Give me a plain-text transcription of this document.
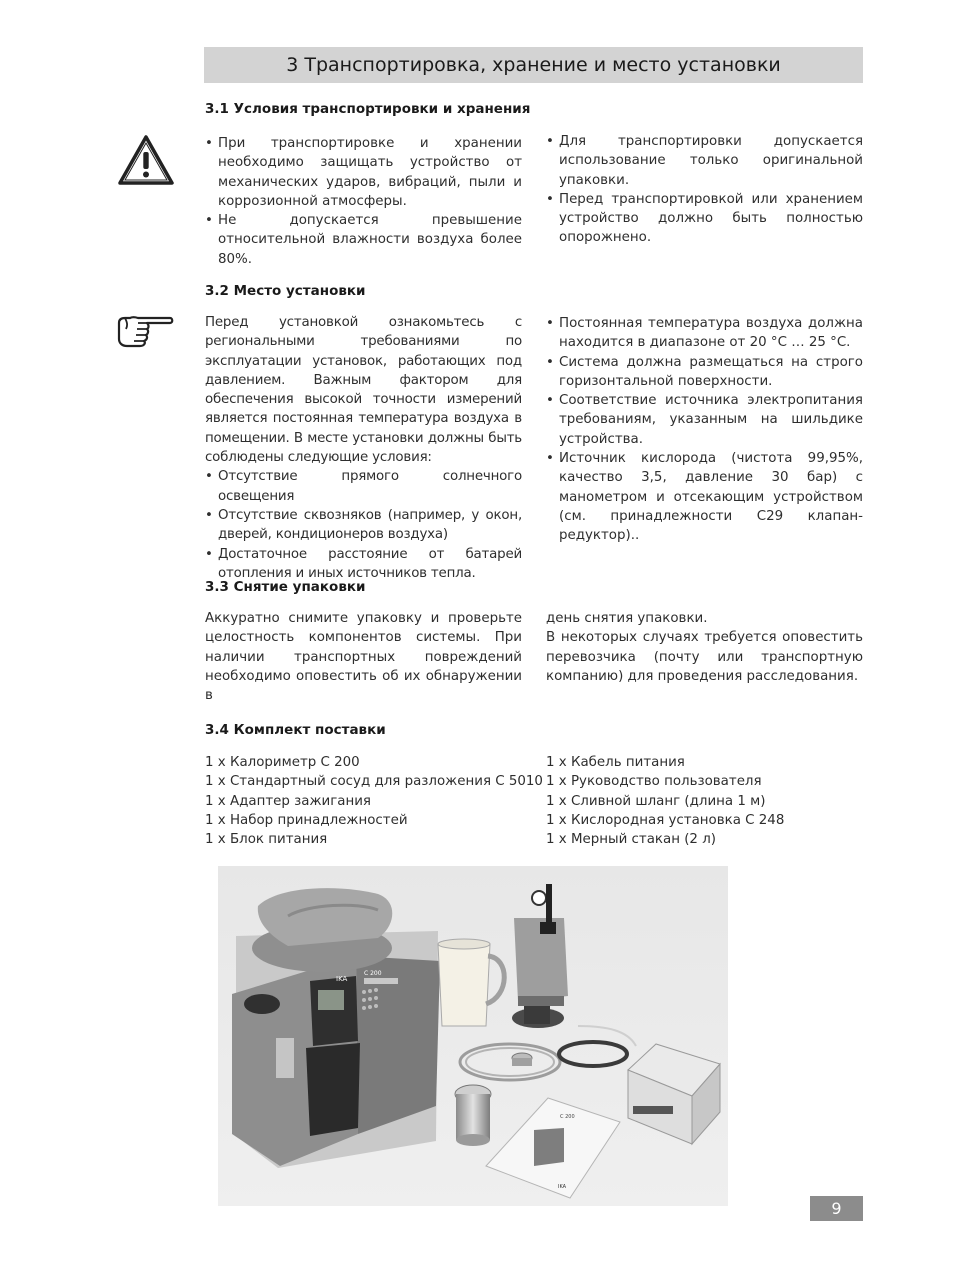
3 Транспортировка, хранение и место установки
3.1 Условия транспортировки и хранения
• При транспортировке и хранении необходимо защищать устройство от механических ударов, вибраций, пыли и коррозионной атмосферы.
• Не допускается превышение относительной влажности воздуха более 80%.
• Для транспортировки допускается использование только оригинальной упаковки.
• Перед транспортировкой или хранением устройство должно быть полностью опорожнено.
3.2 Место установки

Перед установкой ознакомьтесь с региональными требованиями по эксплуатации установок, работающих под давлением. Важным фактором для обеспечения высокой точности измерений является постоянная температура воздуха в помещении. В месте установки должны быть соблюдены следующие условия:

• Отсутствие прямого солнечного освещения
• Отсутствие сквозняков (например, у окон, дверей, кондиционеров воздуха)
• Достаточное расстояние от батарей отопления и иных источников тепла.
• Постоянная температура воздуха должна находится в диапазоне от 20 °C … 25 °C.
• Система должна размещаться на строго горизонтальной поверхности.
• Соответствие источника электропитания требованиям, указанным на шильдике устройства.
• Источник кислорода (чистота 99,95%, качество 3,5, давление 30 бар) с манометром и отсекающим устройством (см. принадлежности C29 клапан-редуктор)..
3.3 Снятие упаковки

Аккуратно снимите упаковку и проверьте целостность компонентов системы. При наличии транспортных повреждений необходимо оповестить об их обнаружении в

день снятия упаковки.

В некоторых случаях требуется оповестить перевозчика (почту или транспортную компанию) для проведения расследования.

3.4 Комплект поставки
1 x Калориметр C 200
1 x Стандартный сосуд для разложения C 5010
1 x Адаптер зажигания
1 x Набор принадлежностей
1 x Блок питания
1 x Кабель питания
1 x Руководство пользователя
1 x Сливной шланг (длина 1 м)
1 x Кислородная установка C 248
1 x Мерный стакан (2 л)
IKA
C 200
C 200
IKA
9
